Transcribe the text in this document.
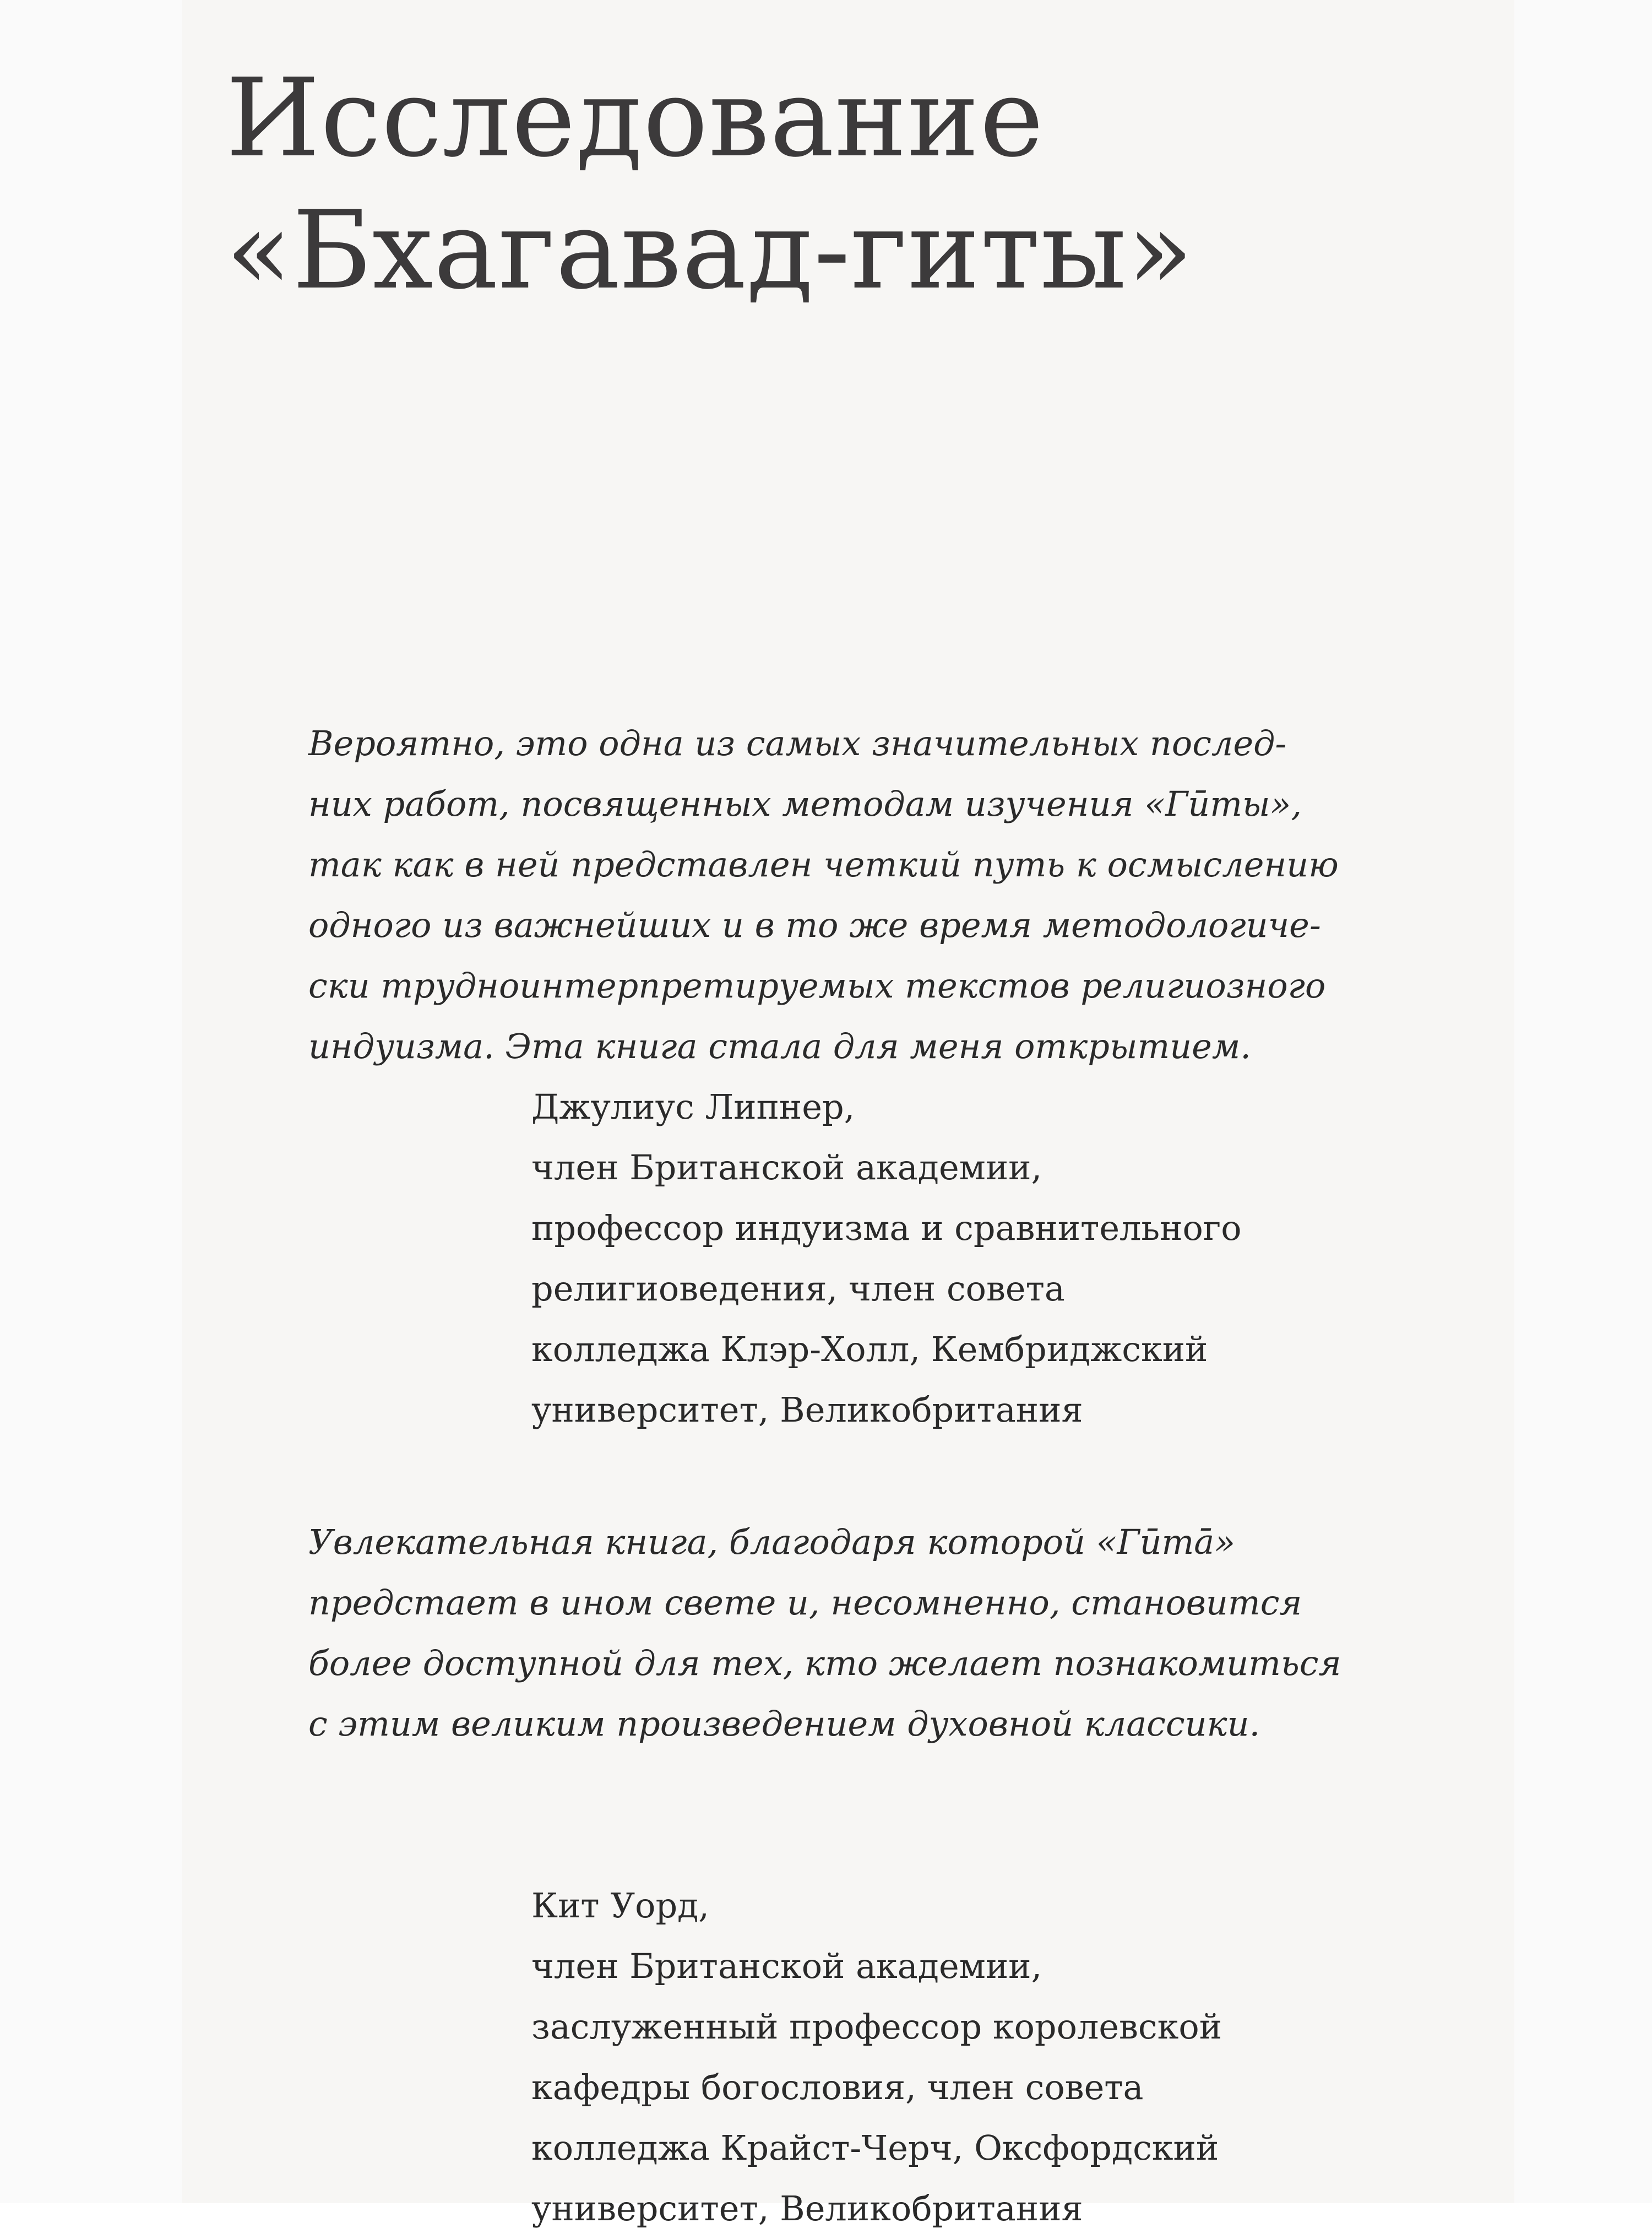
Исследование
«Бхагавад-гиты»
Вероятно, это одна из самых значительных послед-
них работ, посвященных методам изучения «Гӣты»,
так как в ней представлен четкий путь к осмыслению
одного из важнейших и в то же время методологиче-
ски трудноинтерпретируемых текстов религиозного
индуизма. Эта книга стала для меня открытием.
Джулиус Липнер,
член Британской академии,
профессор индуизма и сравнительного
религиоведения, член совета
колледжа Клэр-Холл, Кембриджский
университет, Великобритания
Увлекательная книга, благодаря которой «Гӣтā»
предстает в ином свете и, несомненно, становится
более доступной для тех, кто желает познакомиться
с этим великим произведением духовной классики.
Кит Уорд,
член Британской академии,
заслуженный профессор королевской
кафедры богословия, член совета
колледжа Крайст-Черч, Оксфордский
университет, Великобритания
